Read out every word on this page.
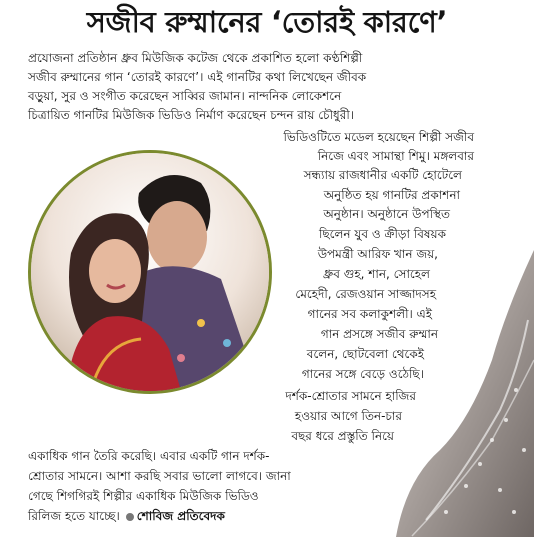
সজীব রুম্মানের ‘তোরই কারণে’

প্রযোজনা প্রতিষ্ঠান ধ্রুব মিউজিক কটেজ থেকে প্রকাশিত হলো কণ্ঠশিল্পী

সজীব রুম্মানের গান ‘তোরই কারণে’। এই গানটির কথা লিখেছেন জীবক

বড়ুয়া, সুর ও সংগীত করেছেন সাব্বির জামান। নান্দনিক লোকেশনে

চিত্রায়িত গানটির মিউজিক ভিডিও নির্মাণ করেছেন চন্দন রায় চৌধুরী।

ভিডিওটিতে মডেল হয়েছেন শিল্পী সজীব

নিজে এবং সামান্থা শিমু। মঙ্গলবার

সন্ধ্যায় রাজধানীর একটি হোটেলে

অনুষ্ঠিত হয় গানটির প্রকাশনা

অনুষ্ঠান। অনুষ্ঠানে উপস্থিত

ছিলেন যুব ও ক্রীড়া বিষয়ক

উপমন্ত্রী আরিফ খান জয়,

ধ্রুব গুহ, শান, সোহেল

মেহেদী, রেজওয়ান সাজ্জাদসহ

গানের সব কলাকুশলী। এই

গান প্রসঙ্গে সজীব রুম্মান

বলেন, ছোটবেলা থেকেই

গানের সঙ্গে বেড়ে ওঠেছি।

দর্শক-শ্রোতার সামনে হাজির

হওয়ার আগে তিন-চার

বছর ধরে প্রস্তুতি নিয়ে

একাধিক গান তৈরি করেছি। এবার একটি গান দর্শক-

শ্রোতার সামনে। আশা করছি সবার ভালো লাগবে। জানা

গেছে শিগগিরই শিল্পীর একাধিক মিউজিক ভিডিও

রিলিজ হতে যাচ্ছে। শোবিজ প্রতিবেদক
